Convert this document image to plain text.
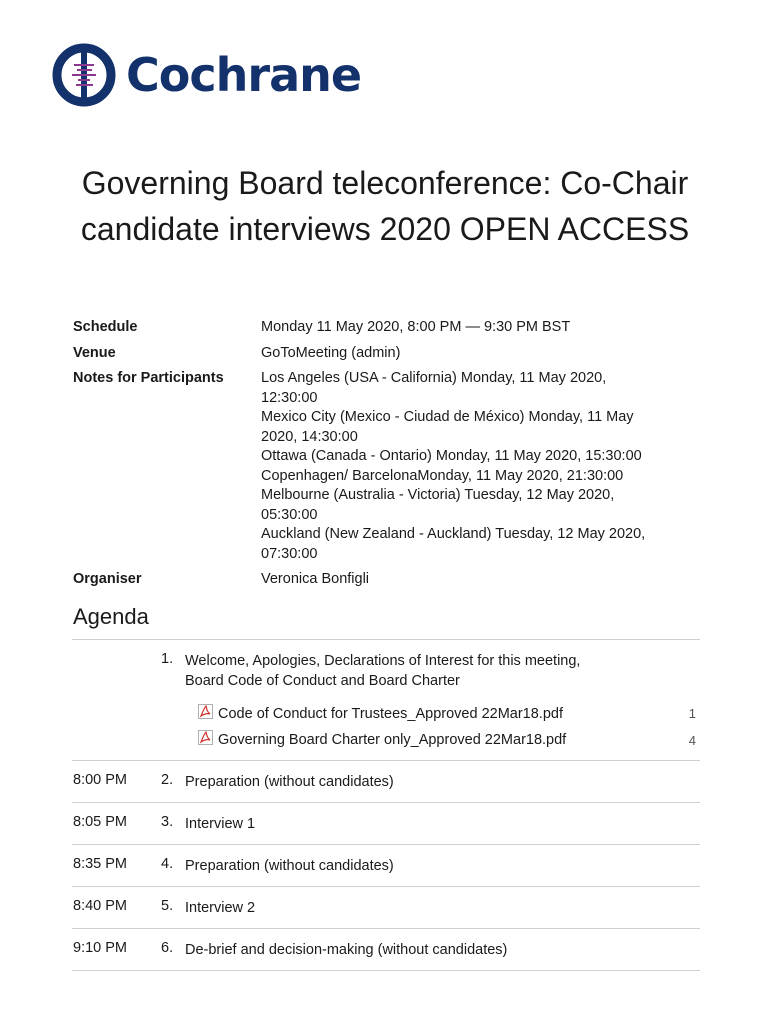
Cochrane
Governing Board teleconference: Co-Chair candidate interviews 2020 OPEN ACCESS
Schedule	Monday 11 May 2020, 8:00 PM — 9:30 PM BST
Venue	GoToMeeting (admin)
Notes for Participants	Los Angeles (USA - California) Monday, 11 May 2020,
12:30:00
Mexico City (Mexico - Ciudad de México) Monday, 11 May
2020, 14:30:00
Ottawa (Canada - Ontario) Monday, 11 May 2020, 15:30:00
Copenhagen/ BarcelonaMonday, 11 May 2020, 21:30:00
Melbourne (Australia - Victoria) Tuesday, 12 May 2020,
05:30:00
Auckland (New Zealand - Auckland) Tuesday, 12 May 2020,
07:30:00
Organiser	Veronica Bonfigli
Agenda
1. Welcome, Apologies, Declarations of Interest for this meeting,
Board Code of Conduct and Board Charter
Code of Conduct for Trustees_Approved 22Mar18.pdf	1
Governing Board Charter only_Approved 22Mar18.pdf	4
8:00 PM 2. Preparation (without candidates)
8:05 PM 3. Interview 1
8:35 PM 4. Preparation (without candidates)
8:40 PM 5. Interview 2
9:10 PM 6. De-brief and decision-making (without candidates)
